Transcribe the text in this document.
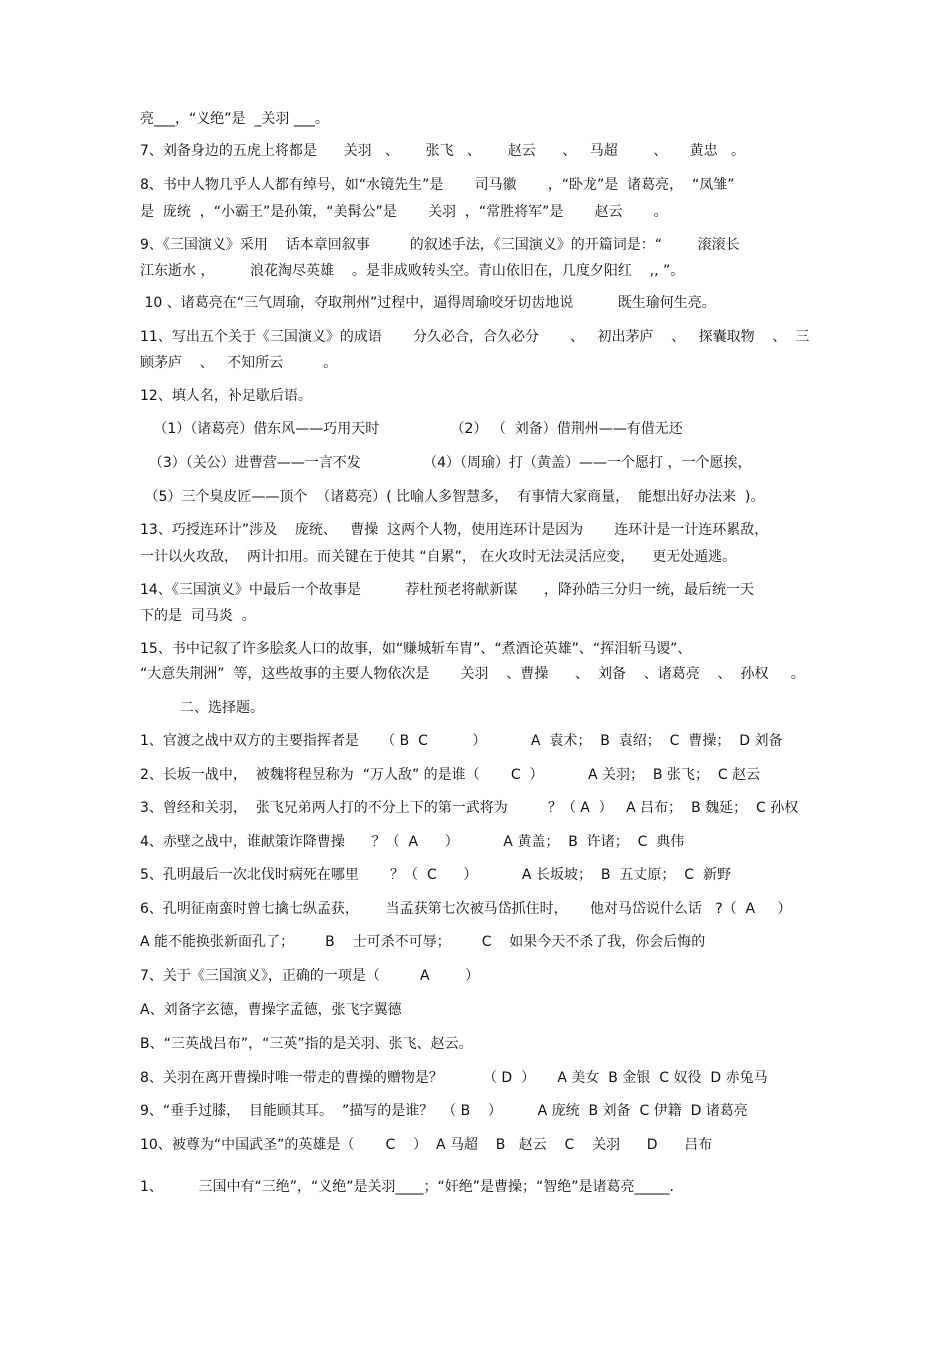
亮___，“义绝”是  _关羽 ___。
7、刘备身边的五虎上将都是      关羽   、      张飞   、      赵云      、   马超        、     黄忠   。
8、书中人物几乎人人都有绰号，如“水镜先生”是       司马徽       ，“卧龙”是  诸葛亮，  “凤雏”
是  庞统  ，“小霸王”是孙策，“美髯公”是       关羽  ，“常胜将军”是       赵云       。
9、《三国演义》采用    话本章回叙事         的叙述手法，《三国演义》的开篇词是：“        滚滚长
江东逝水 ，        浪花淘尽英雄    。是非成败转头空。青山依旧在，几度夕阳红    ,, ”。
10 、诸葛亮在“三气周瑜，夺取荆州”过程中，逼得周瑜咬牙切齿地说          既生瑜何生亮。
11、写出五个关于《三国演义》的成语       分久必合，合久必分       、   初出茅庐    、   探囊取物    、  三
顾茅庐    、   不知所云         。
12、填人名，补足歇后语。
（1）（诸葛亮）借东风——巧用天时                （2） （  刘备）借荆州——有借无还
（3）（关公）进曹营——一言不发              （4）（周瑜）打（黄盖）——一个愿打 ，一个愿挨，
（5）三个臭皮匠——顶个  （诸葛亮）( 比喻人多智慧多，  有事情大家商量，  能想出好办法来  )。
13、巧授连环计”涉及    庞统、   曹操  这两个人物，使用连环计是因为       连环计是一计连环累敌，
一计以火攻敌，  两计扣用。而关键在于使其 “自累”， 在火攻时无法灵活应变，    更无处遁逃。
14、《三国演义》中最后一个故事是          荐杜预老将献新谋      ，降孙皓三分归一统，最后统一天
下的是  司马炎  。
15、书中记叙了许多脍炙人口的故事，如“赚城斩车胄”、“煮酒论英雄”、“挥泪斩马谡”、
“大意失荆洲”  等，这些故事的主要人物依次是       关羽    、曹操      、  刘备    、诸葛亮    、  孙权     。
二、选择题。
1、官渡之战中双方的主要指挥者是     （ B  C          ）          A  袁术；  B  袁绍；  C  曹操；  D 刘备
2、长坂一战中，  被魏将程昱称为  “万人敌” 的是谁（       C  ）          A 关羽；  B 张飞；  C 赵云
3、曾经和关羽，  张飞兄弟两人打的不分上下的第一武将为         ？（ A  ）   A 吕布；  B 魏延；  C 孙权
4、赤壁之战中，谁献策诈降曹操      ？（  A      ）          A 黄盖；  B  许诸；  C  典伟
5、孔明最后一次北伐时病死在哪里       ？（  C      ）          A 长坂坡；  B  五丈原；  C  新野
6、孔明征南蛮时曾七擒七纵孟获，      当孟获第七次被马岱抓住时，     他对马岱说什么话   ?（  A     ）
A 能不能换张新面孔了；       B    士可杀不可辱；       C    如果今天不杀了我，你会后悔的
7、关于《三国演义》，正确的一项是（         A        ）
A、刘备字玄德，曹操字孟德，张飞字翼德
B、“三英战吕布”，“三英”指的是关羽、张飞、赵云。
8、关羽在离开曹操时唯一带走的曹操的赠物是？         （ D  ）     A 美女  B 金银  C 奴役  D 赤兔马
9、“垂手过膝，  目能顾其耳。  ”描写的是谁？  （ B    ）        A 庞统  B 刘备  C 伊籍  D 诸葛亮
10、被尊为“中国武圣”的英雄是（       C    ）  A 马超    B   赵云    C    关羽      D      吕布
1、        三国中有“三绝”，“义绝”是关羽____；“奸绝”是曹操；“智绝”是诸葛亮_____.
